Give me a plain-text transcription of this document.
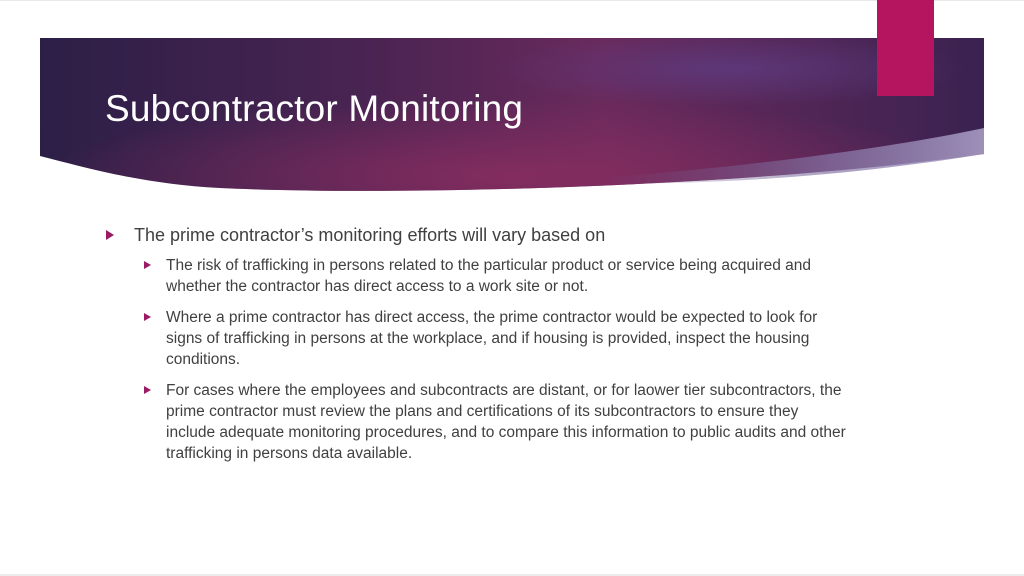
Subcontractor Monitoring
The prime contractor’s monitoring efforts will vary based on
The risk of trafficking in persons related to the particular product or service being acquired and whether the contractor has direct access to a work site or not.
Where a prime contractor has direct access, the prime contractor would be expected to look for signs of trafficking in persons at the workplace, and if housing is provided, inspect the housing conditions.
For cases where the employees and subcontracts are distant, or for laower tier subcontractors, the prime contractor must review the plans and certifications of its subcontractors to ensure they include adequate monitoring procedures, and to compare this information to public audits and other trafficking in persons data available.
